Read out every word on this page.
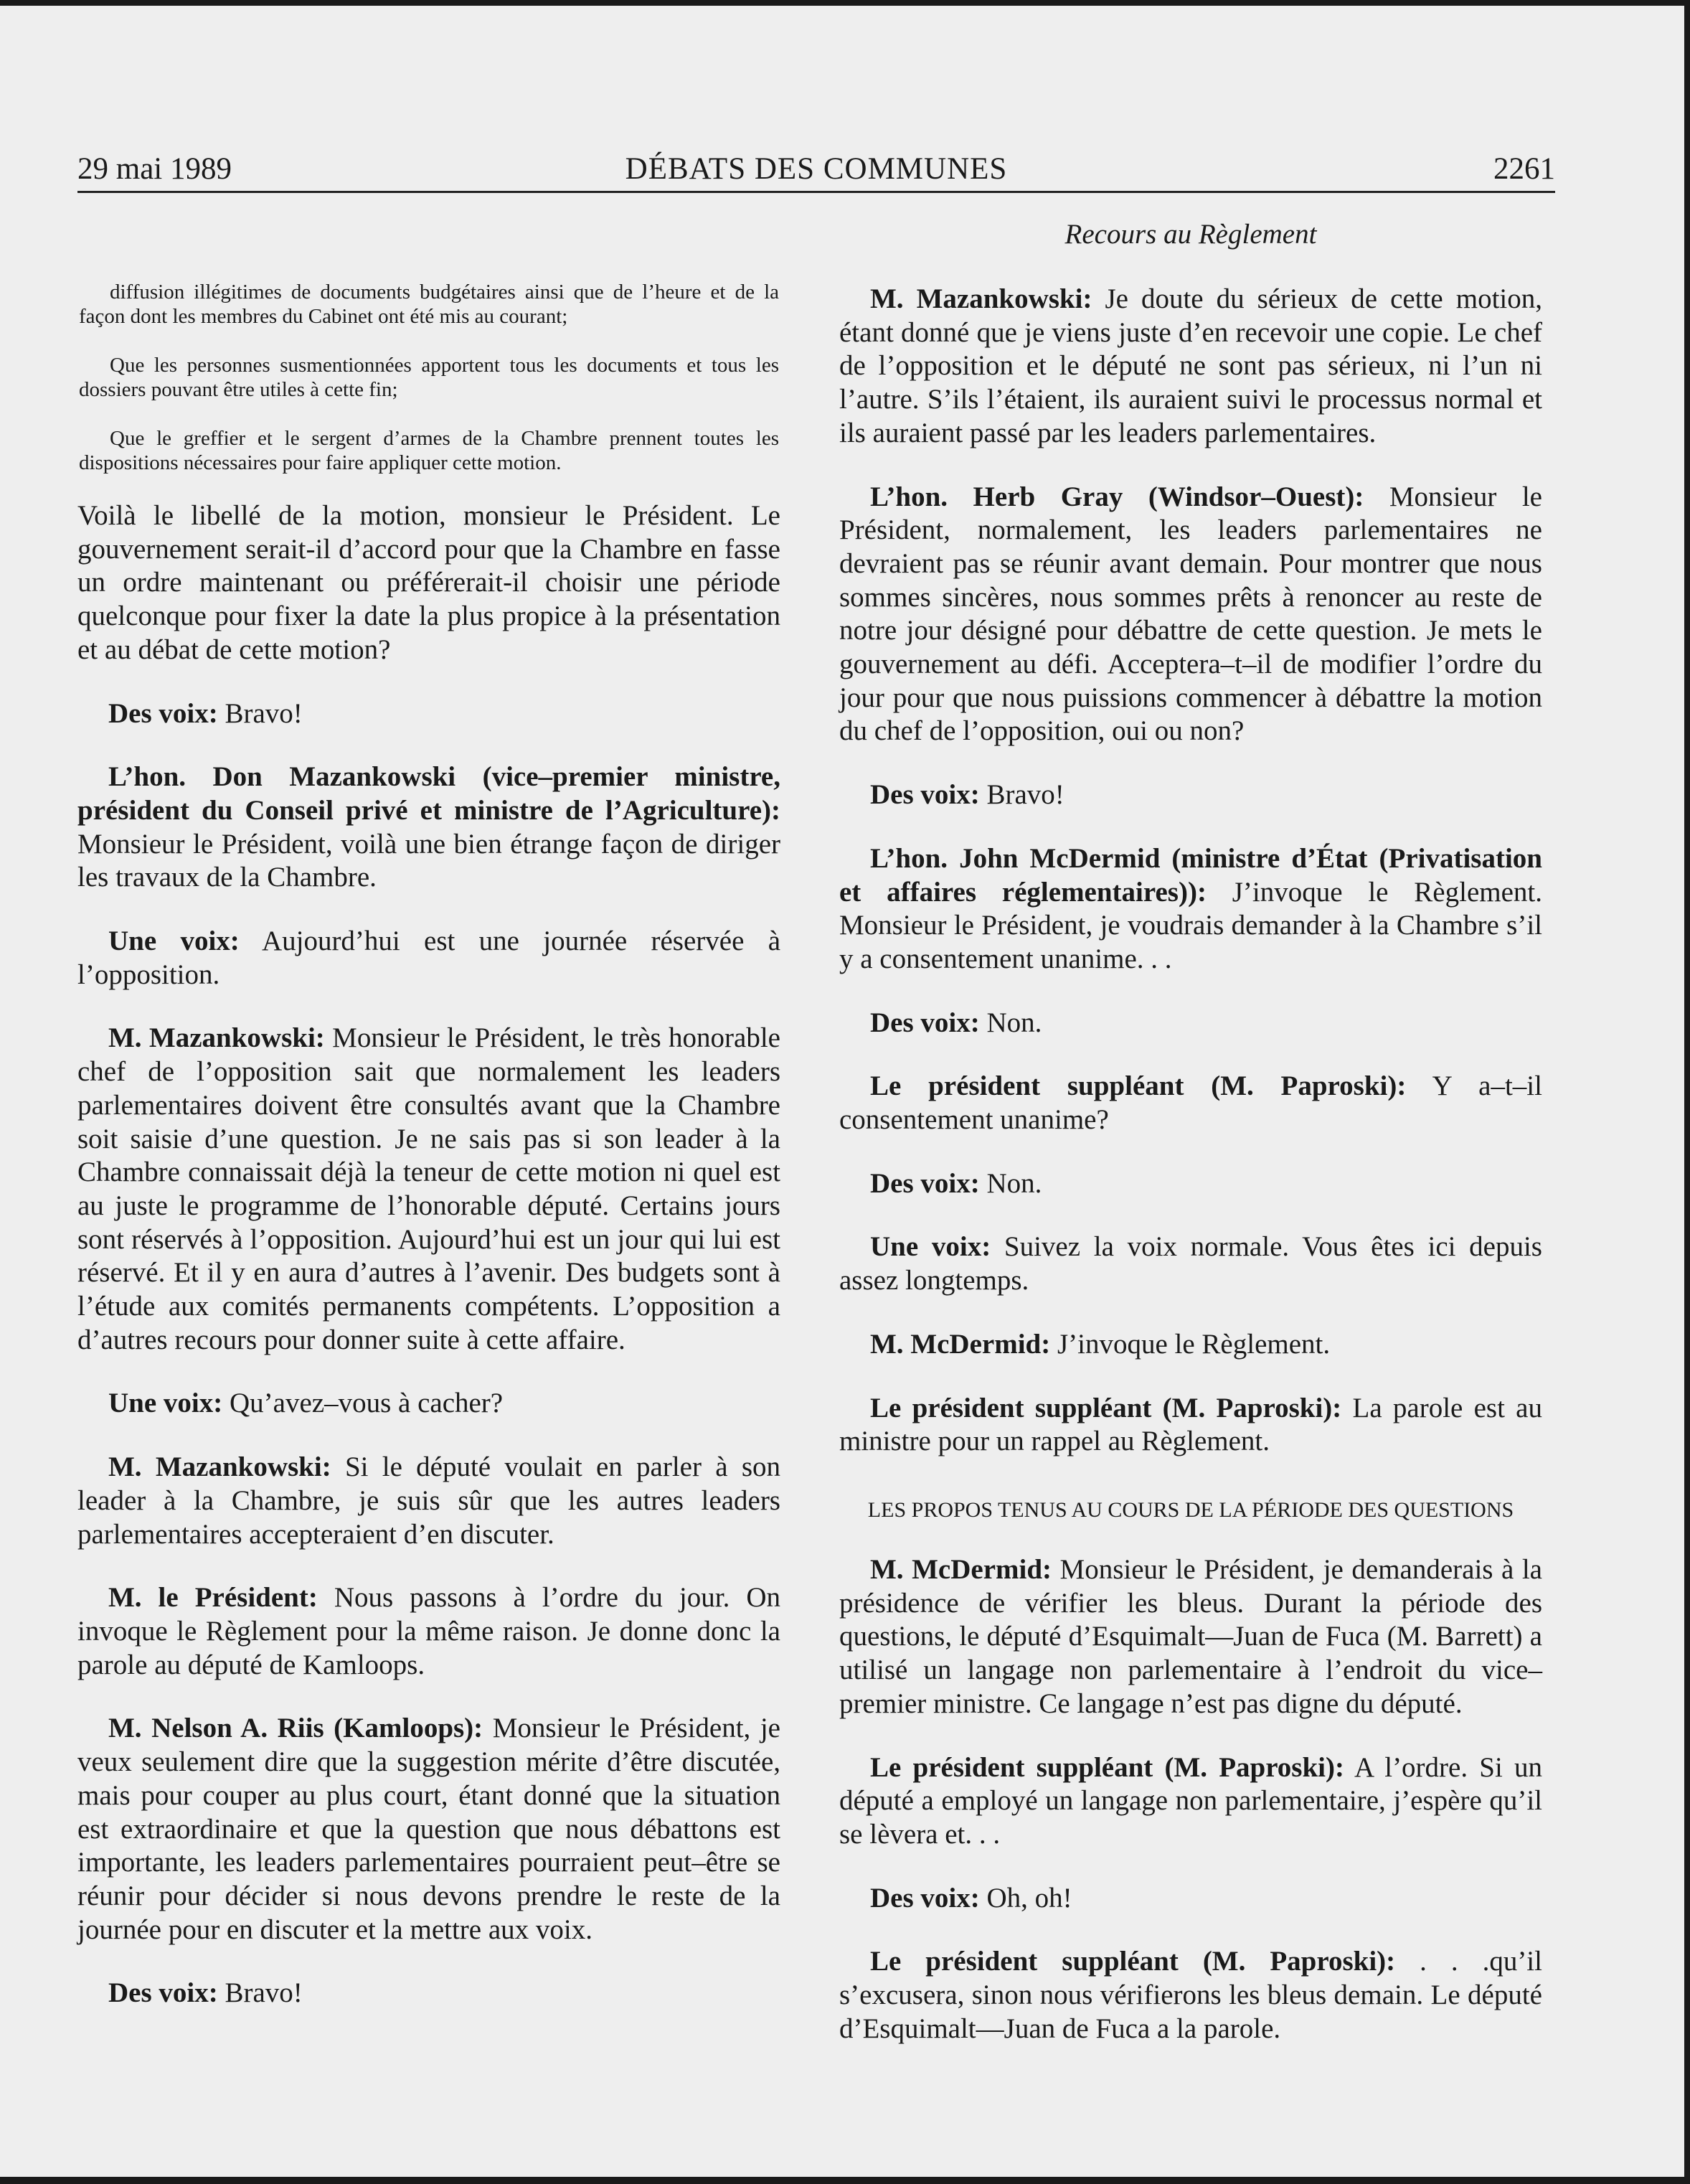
DÉBATS DES COMMUNES
29 mai 1989	2261

diffusion illégitimes de documents budgétaires ainsi que de l’heure et de la façon dont les membres du Cabinet ont été mis au courant;

Que les personnes susmentionnées apportent tous les documents et tous les dossiers pouvant être utiles à cette fin;

Que le greffier et le sergent d’armes de la Chambre prennent toutes les dispositions nécessaires pour faire appliquer cette motion.

Voilà le libellé de la motion, monsieur le Président. Le gouvernement serait-il d’accord pour que la Chambre en fasse un ordre maintenant ou préférerait-il choisir une période quelconque pour fixer la date la plus propice à la présentation et au débat de cette motion?

Des voix: Bravo!

L’hon. Don Mazankowski (vice–premier ministre, président du Conseil privé et ministre de l’Agriculture): Monsieur le Président, voilà une bien étrange façon de diriger les travaux de la Chambre.

Une voix: Aujourd’hui est une journée réservée à l’opposition.

M. Mazankowski: Monsieur le Président, le très honorable chef de l’opposition sait que normalement les leaders parlementaires doivent être consultés avant que la Chambre soit saisie d’une question. Je ne sais pas si son leader à la Chambre connaissait déjà la teneur de cette motion ni quel est au juste le programme de l’honorable député. Certains jours sont réservés à l’opposition. Aujourd’hui est un jour qui lui est réservé. Et il y en aura d’autres à l’avenir. Des budgets sont à l’étude aux comités permanents compétents. L’opposition a d’autres recours pour donner suite à cette affaire.

Une voix: Qu’avez–vous à cacher?

M. Mazankowski: Si le député voulait en parler à son leader à la Chambre, je suis sûr que les autres leaders parlementaires accepteraient d’en discuter.

M. le Président: Nous passons à l’ordre du jour. On invoque le Règlement pour la même raison. Je donne donc la parole au député de Kamloops.

M. Nelson A. Riis (Kamloops): Monsieur le Président, je veux seulement dire que la suggestion mérite d’être discutée, mais pour couper au plus court, étant donné que la situation est extraordinaire et que la question que nous débattons est importante, les leaders parlementaires pourraient peut–être se réunir pour décider si nous devons prendre le reste de la journée pour en discuter et la mettre aux voix.

Des voix: Bravo!

Recours au Règlement

M. Mazankowski: Je doute du sérieux de cette motion, étant donné que je viens juste d’en recevoir une copie. Le chef de l’opposition et le député ne sont pas sérieux, ni l’un ni l’autre. S’ils l’étaient, ils auraient suivi le processus normal et ils auraient passé par les leaders parlementaires.

L’hon. Herb Gray (Windsor–Ouest): Monsieur le Président, normalement, les leaders parlementaires ne devraient pas se réunir avant demain. Pour montrer que nous sommes sincères, nous sommes prêts à renoncer au reste de notre jour désigné pour débattre de cette question. Je mets le gouvernement au défi. Acceptera–t–il de modifier l’ordre du jour pour que nous puissions commencer à débattre la motion du chef de l’opposition, oui ou non?

Des voix: Bravo!

L’hon. John McDermid (ministre d’État (Privatisation et affaires réglementaires)): J’invoque le Règlement. Monsieur le Président, je voudrais demander à la Chambre s’il y a consentement unanime. . .

Des voix: Non.

Le président suppléant (M. Paproski): Y a–t–il consentement unanime?

Des voix: Non.

Une voix: Suivez la voix normale. Vous êtes ici depuis assez longtemps.

M. McDermid: J’invoque le Règlement.

Le président suppléant (M. Paproski): La parole est au ministre pour un rappel au Règlement.

LES PROPOS TENUS AU COURS DE LA PÉRIODE DES QUESTIONS

M. McDermid: Monsieur le Président, je demanderais à la présidence de vérifier les bleus. Durant la période des questions, le député d’Esquimalt—Juan de Fuca (M. Barrett) a utilisé un langage non parlementaire à l’endroit du vice–premier ministre. Ce langage n’est pas digne du député.

Le président suppléant (M. Paproski): A l’ordre. Si un député a employé un langage non parlementaire, j’espère qu’il se lèvera et. . .

Des voix: Oh, oh!

Le président suppléant (M. Paproski): . . .qu’il s’excusera, sinon nous vérifierons les bleus demain. Le député d’Esquimalt—Juan de Fuca a la parole.
